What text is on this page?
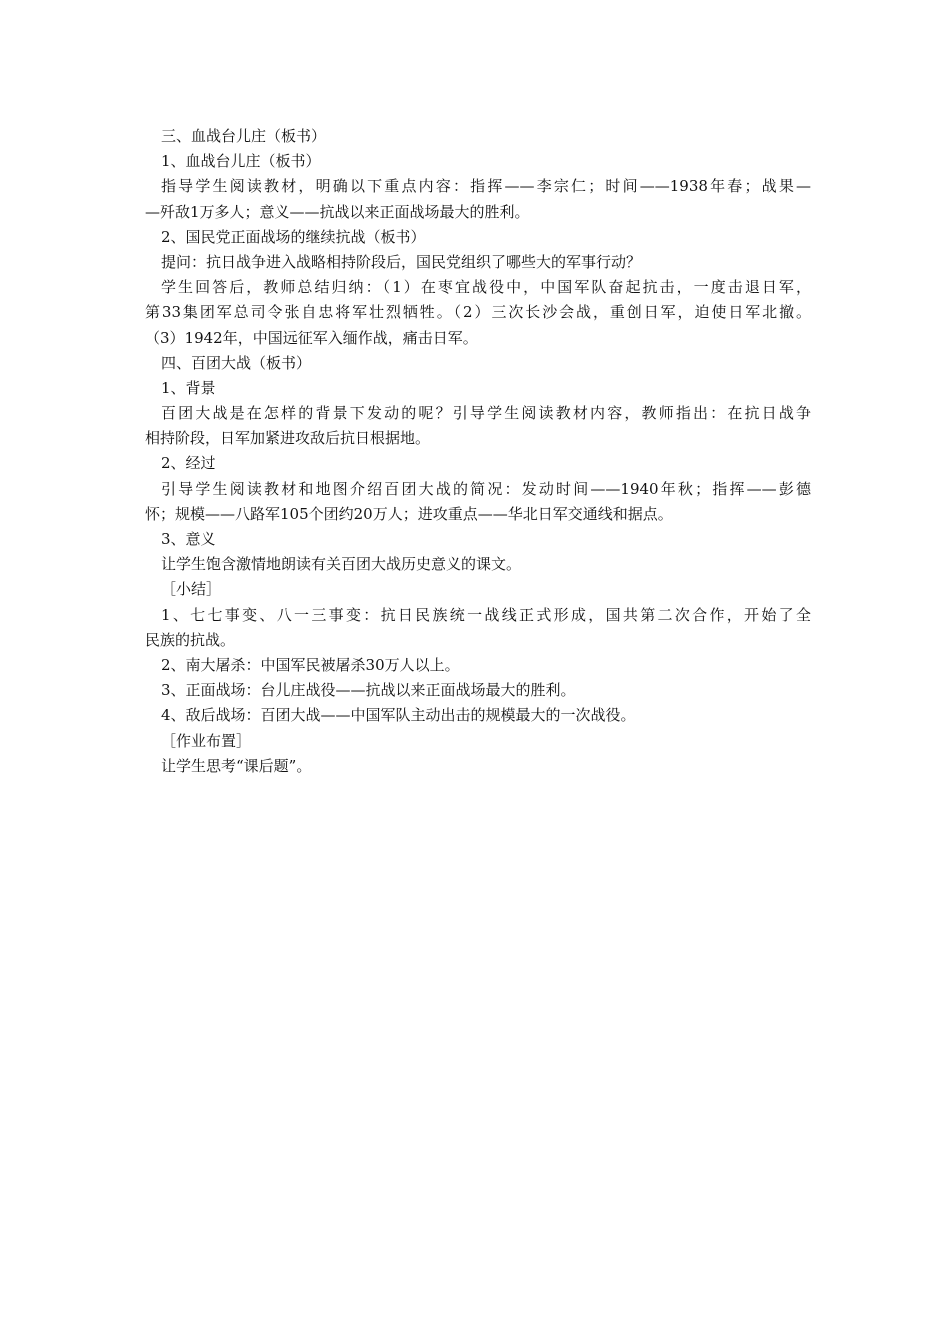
三、血战台儿庄（板书）

1、血战台儿庄（板书）

指导学生阅读教材，明确以下重点内容：指挥——李宗仁；时间——1938年春；战果—

—歼敌1万多人；意义——抗战以来正面战场最大的胜利。

2、国民党正面战场的继续抗战（板书）

提问：抗日战争进入战略相持阶段后，国民党组织了哪些大的军事行动？

学生回答后，教师总结归纳：（1）在枣宜战役中，中国军队奋起抗击，一度击退日军，

第33集团军总司令张自忠将军壮烈牺牲。（2）三次长沙会战，重创日军，迫使日军北撤。

（3）1942年，中国远征军入缅作战，痛击日军。

四、百团大战（板书）

1、背景

百团大战是在怎样的背景下发动的呢？引导学生阅读教材内容，教师指出：在抗日战争

相持阶段，日军加紧进攻敌后抗日根据地。

2、经过

引导学生阅读教材和地图介绍百团大战的简况：发动时间——1940年秋；指挥——彭德

怀；规模——八路军105个团约20万人；进攻重点——华北日军交通线和据点。

3、意义

让学生饱含激情地朗读有关百团大战历史意义的课文。

［小结］

1、七七事变、八一三事变：抗日民族统一战线正式形成，国共第二次合作，开始了全

民族的抗战。

2、南大屠杀：中国军民被屠杀30万人以上。

3、正面战场：台儿庄战役——抗战以来正面战场最大的胜利。

4、敌后战场：百团大战——中国军队主动出击的规模最大的一次战役。

［作业布置］

让学生思考“课后题”。
